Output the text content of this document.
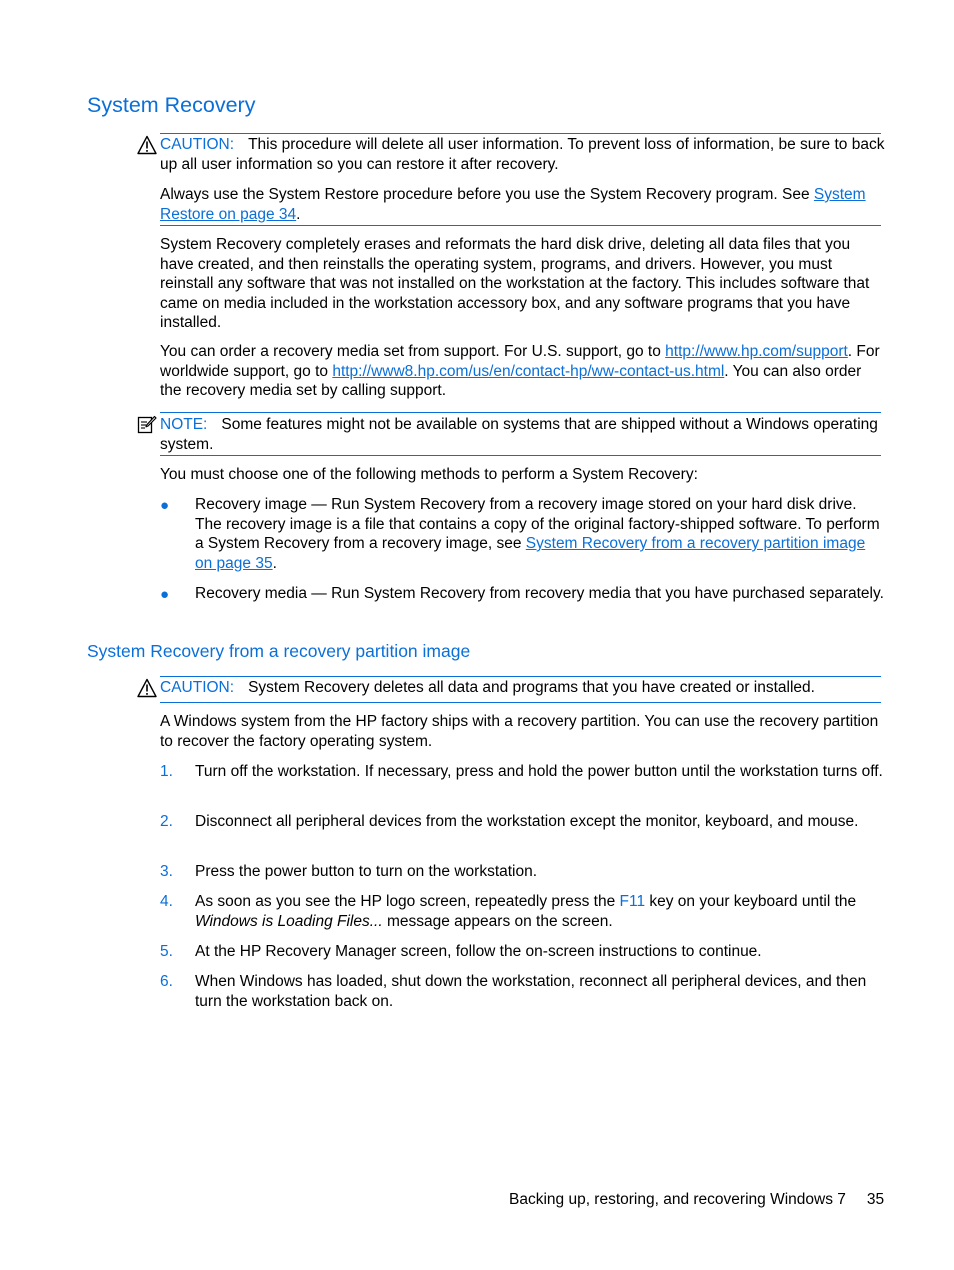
System Recovery
CAUTION: This procedure will delete all user information. To prevent loss of information, be sure to back up all user information so you can restore it after recovery.
Always use the System Restore procedure before you use the System Recovery program. See System Restore on page 34.
System Recovery completely erases and reformats the hard disk drive, deleting all data files that you have created, and then reinstalls the operating system, programs, and drivers. However, you must reinstall any software that was not installed on the workstation at the factory. This includes software that came on media included in the workstation accessory box, and any software programs that you have installed.
You can order a recovery media set from support. For U.S. support, go to http://www.hp.com/support. For worldwide support, go to http://www8.hp.com/us/en/contact-hp/ww-contact-us.html. You can also order the recovery media set by calling support.
NOTE: Some features might not be available on systems that are shipped without a Windows operating system.
You must choose one of the following methods to perform a System Recovery:
● Recovery image — Run System Recovery from a recovery image stored on your hard disk drive. The recovery image is a file that contains a copy of the original factory-shipped software. To perform a System Recovery from a recovery image, see System Recovery from a recovery partition image on page 35.
● Recovery media — Run System Recovery from recovery media that you have purchased separately.
System Recovery from a recovery partition image
CAUTION: System Recovery deletes all data and programs that you have created or installed.
A Windows system from the HP factory ships with a recovery partition. You can use the recovery partition to recover the factory operating system.
1. Turn off the workstation. If necessary, press and hold the power button until the workstation turns off.
2. Disconnect all peripheral devices from the workstation except the monitor, keyboard, and mouse.
3. Press the power button to turn on the workstation.
4. As soon as you see the HP logo screen, repeatedly press the F11 key on your keyboard until the Windows is Loading Files... message appears on the screen.
5. At the HP Recovery Manager screen, follow the on-screen instructions to continue.
6. When Windows has loaded, shut down the workstation, reconnect all peripheral devices, and then turn the workstation back on.
Backing up, restoring, and recovering Windows 7 35
